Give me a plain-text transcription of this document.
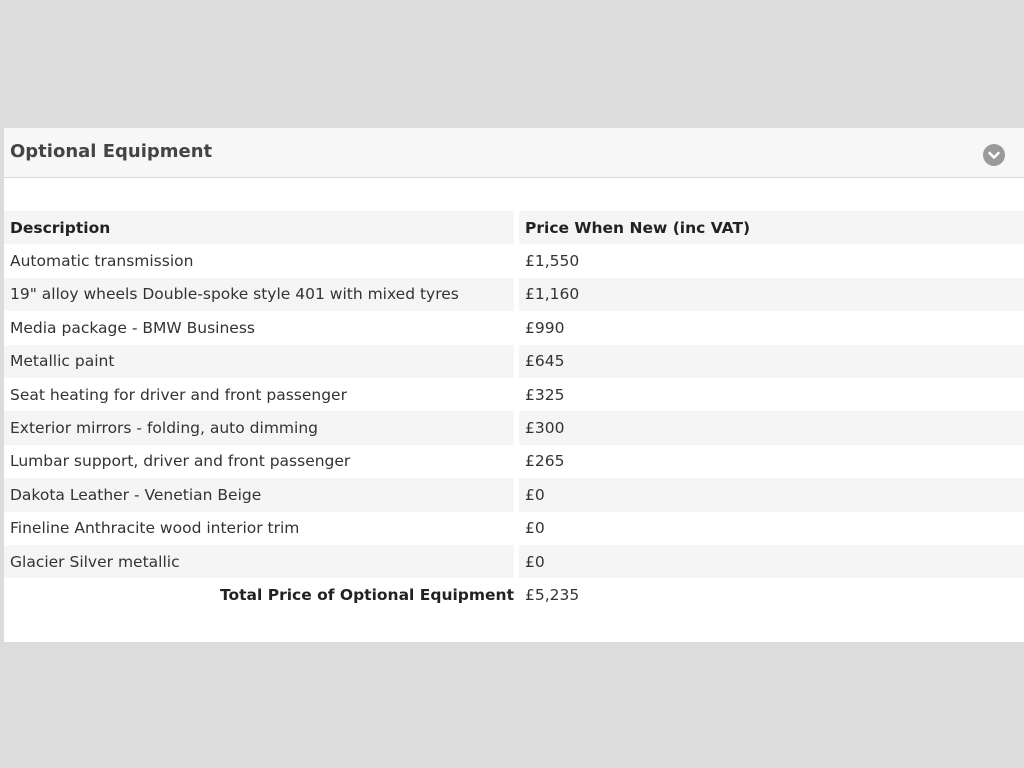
Optional Equipment
Description	Price When New (inc VAT)
Automatic transmission	£1,550
19" alloy wheels Double-spoke style 401 with mixed tyres	£1,160
Media package - BMW Business	£990
Metallic paint	£645
Seat heating for driver and front passenger	£325
Exterior mirrors - folding, auto dimming	£300
Lumbar support, driver and front passenger	£265
Dakota Leather - Venetian Beige	£0
Fineline Anthracite wood interior trim	£0
Glacier Silver metallic	£0
Total Price of Optional Equipment	£5,235
